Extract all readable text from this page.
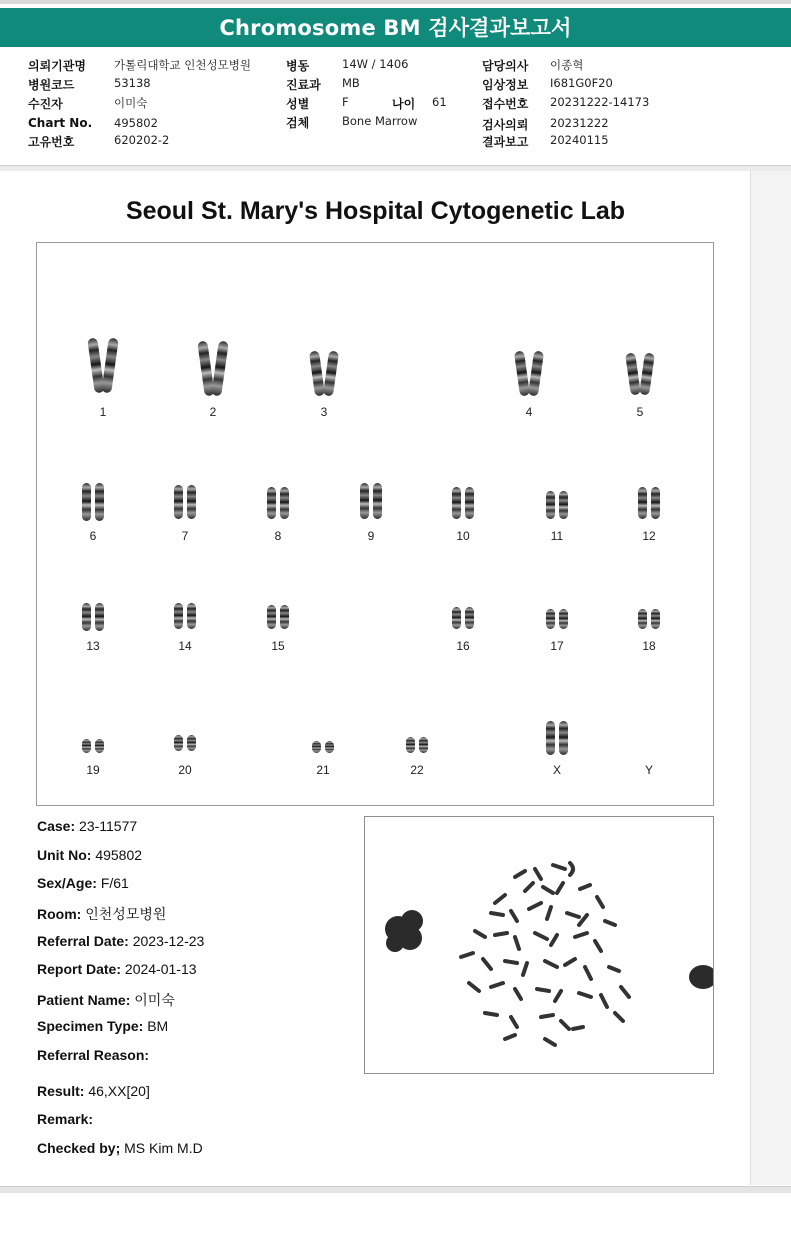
Chromosome BM 검사결과보고서
의뢰기관명 가톨릭대학교 인천성모병원
병원코드	53138
수진자	이미숙
Chart No. 495802
고유번호	620202-2
병동	14W / 1406
진료과 MB
성별	F	나이 61
검체	Bone Marrow
담당의사 이종혁
임상정보 I681G0F20
접수번호 20231222-14173
검사의뢰 20231222
결과보고 20240115
Seoul St. Mary's Hospital Cytogenetic Lab
1	2	3	4	5
6	7	8	9	10	11	12
13	14	15	16	17	18
19	20	21	22	X	Y
Case: 23-11577
Unit No: 495802
Sex/Age: F/61
Room: 인천성모병원
Referral Date: 2023-12-23
Report Date: 2024-01-13
Patient Name: 이미숙
Specimen Type: BM
Referral Reason:
Result: 46,XX[20]
Remark:
Checked by; MS Kim M.D
